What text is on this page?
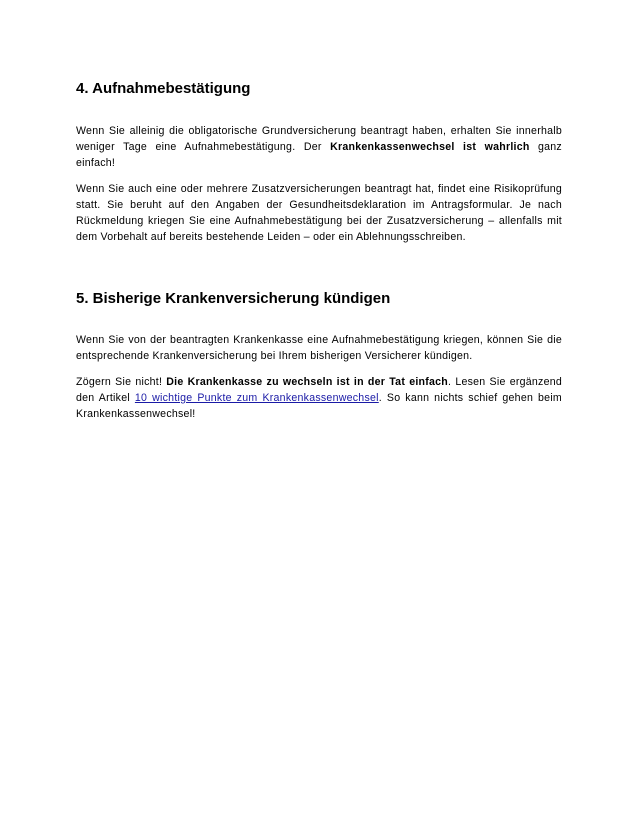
4. Aufnahmebestätigung

Wenn Sie alleinig die obligatorische Grundversicherung beantragt haben, erhalten Sie innerhalb weniger Tage eine Aufnahmebestätigung. Der Krankenkassenwechsel ist wahrlich ganz einfach!

Wenn Sie auch eine oder mehrere Zusatzversicherungen beantragt hat, findet eine Risikoprüfung statt. Sie beruht auf den Angaben der Gesundheitsdeklaration im Antragsformular. Je nach Rückmeldung kriegen Sie eine Aufnahmebestätigung bei der Zusatzversicherung – allenfalls mit dem Vorbehalt auf bereits bestehende Leiden – oder ein Ablehnungsschreiben.

5. Bisherige Krankenversicherung kündigen

Wenn Sie von der beantragten Krankenkasse eine Aufnahmebestätigung kriegen, können Sie die entsprechende Krankenversicherung bei Ihrem bisherigen Versicherer kündigen.

Zögern Sie nicht! Die Krankenkasse zu wechseln ist in der Tat einfach. Lesen Sie ergänzend den Artikel 10 wichtige Punkte zum Krankenkassenwechsel. So kann nichts schief gehen beim Krankenkassenwechsel!
